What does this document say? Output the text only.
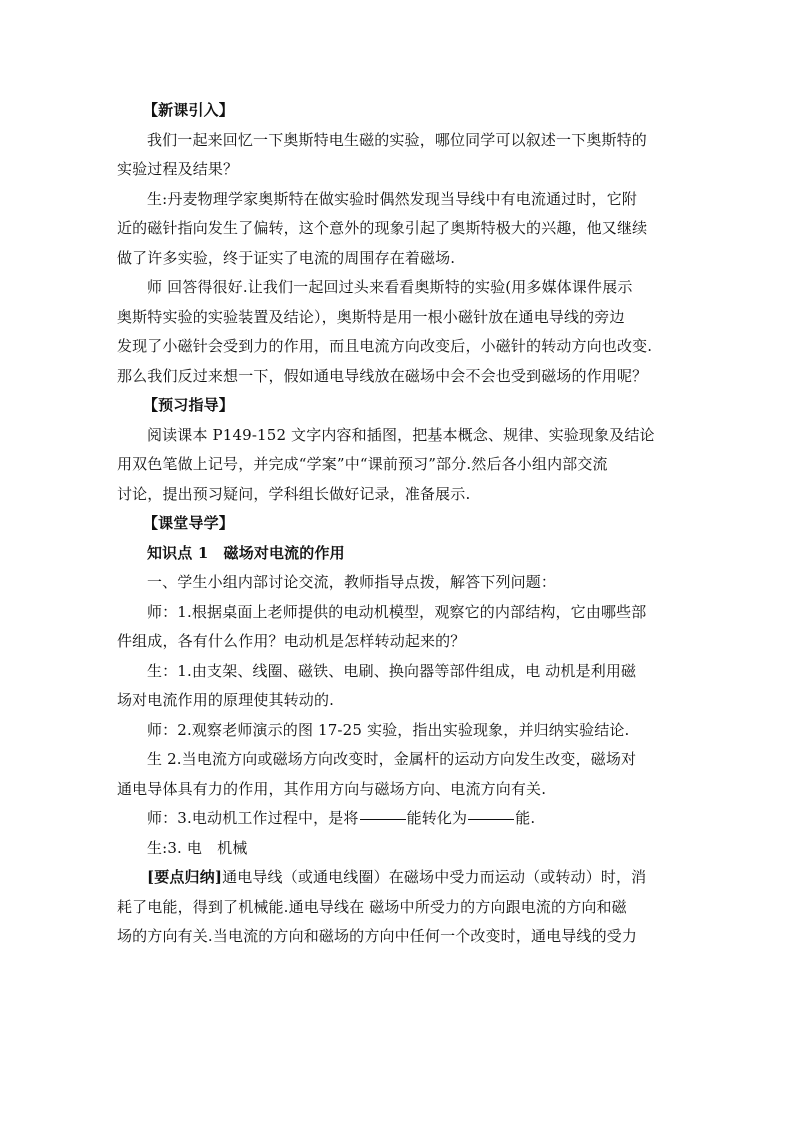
【新课引入】
我们一起来回忆一下奥斯特电生磁的实验，哪位同学可以叙述一下奥斯特的
实验过程及结果？
生:丹麦物理学家奥斯特在做实验时偶然发现当导线中有电流通过时，它附
近的磁针指向发生了偏转，这个意外的现象引起了奥斯特极大的兴趣，他又继续
做了许多实验，终于证实了电流的周围存在着磁场.
师 回答得很好.让我们一起回过头来看看奥斯特的实验(用多媒体课件展示
奥斯特实验的实验装置及结论），奥斯特是用一根小磁针放在通电导线的旁边
发现了小磁针会受到力的作用，而且电流方向改变后，小磁针的转动方向也改变.
那么我们反过来想一下，假如通电导线放在磁场中会不会也受到磁场的作用呢？
【预习指导】
阅读课本 P149-152 文字内容和插图，把基本概念、规律、实验现象及结论
用双色笔做上记号，并完成“学案”中“课前预习”部分.然后各小组内部交流
讨论，提出预习疑问，学科组长做好记录，准备展示.
【课堂导学】
知识点 1　磁场对电流的作用
一、学生小组内部讨论交流，教师指导点拨，解答下列问题：
师：1.根据桌面上老师提供的电动机模型，观察它的内部结构，它由哪些部
件组成，各有什么作用？电动机是怎样转动起来的？
生：1.由支架、线圈、磁铁、电刷、换向器等部件组成，电 动机是利用磁
场对电流作用的原理使其转动的.
师：2.观察老师演示的图 17-25 实验，指出实验现象，并归纳实验结论.
生 2.当电流方向或磁场方向改变时，金属杆的运动方向发生改变，磁场对
通电导体具有力的作用，其作用方向与磁场方向、电流方向有关.
师：3.电动机工作过程中，是将	能转化为	能.
生:3. 电　机械
[要点归纳]通电导线（或通电线圈）在磁场中受力而运动（或转动）时，消
耗了电能，得到了机械能.通电导线在 磁场中所受力的方向跟电流的方向和磁
场的方向有关.当电流的方向和磁场的方向中任何一个改变时，通电导线的受力
